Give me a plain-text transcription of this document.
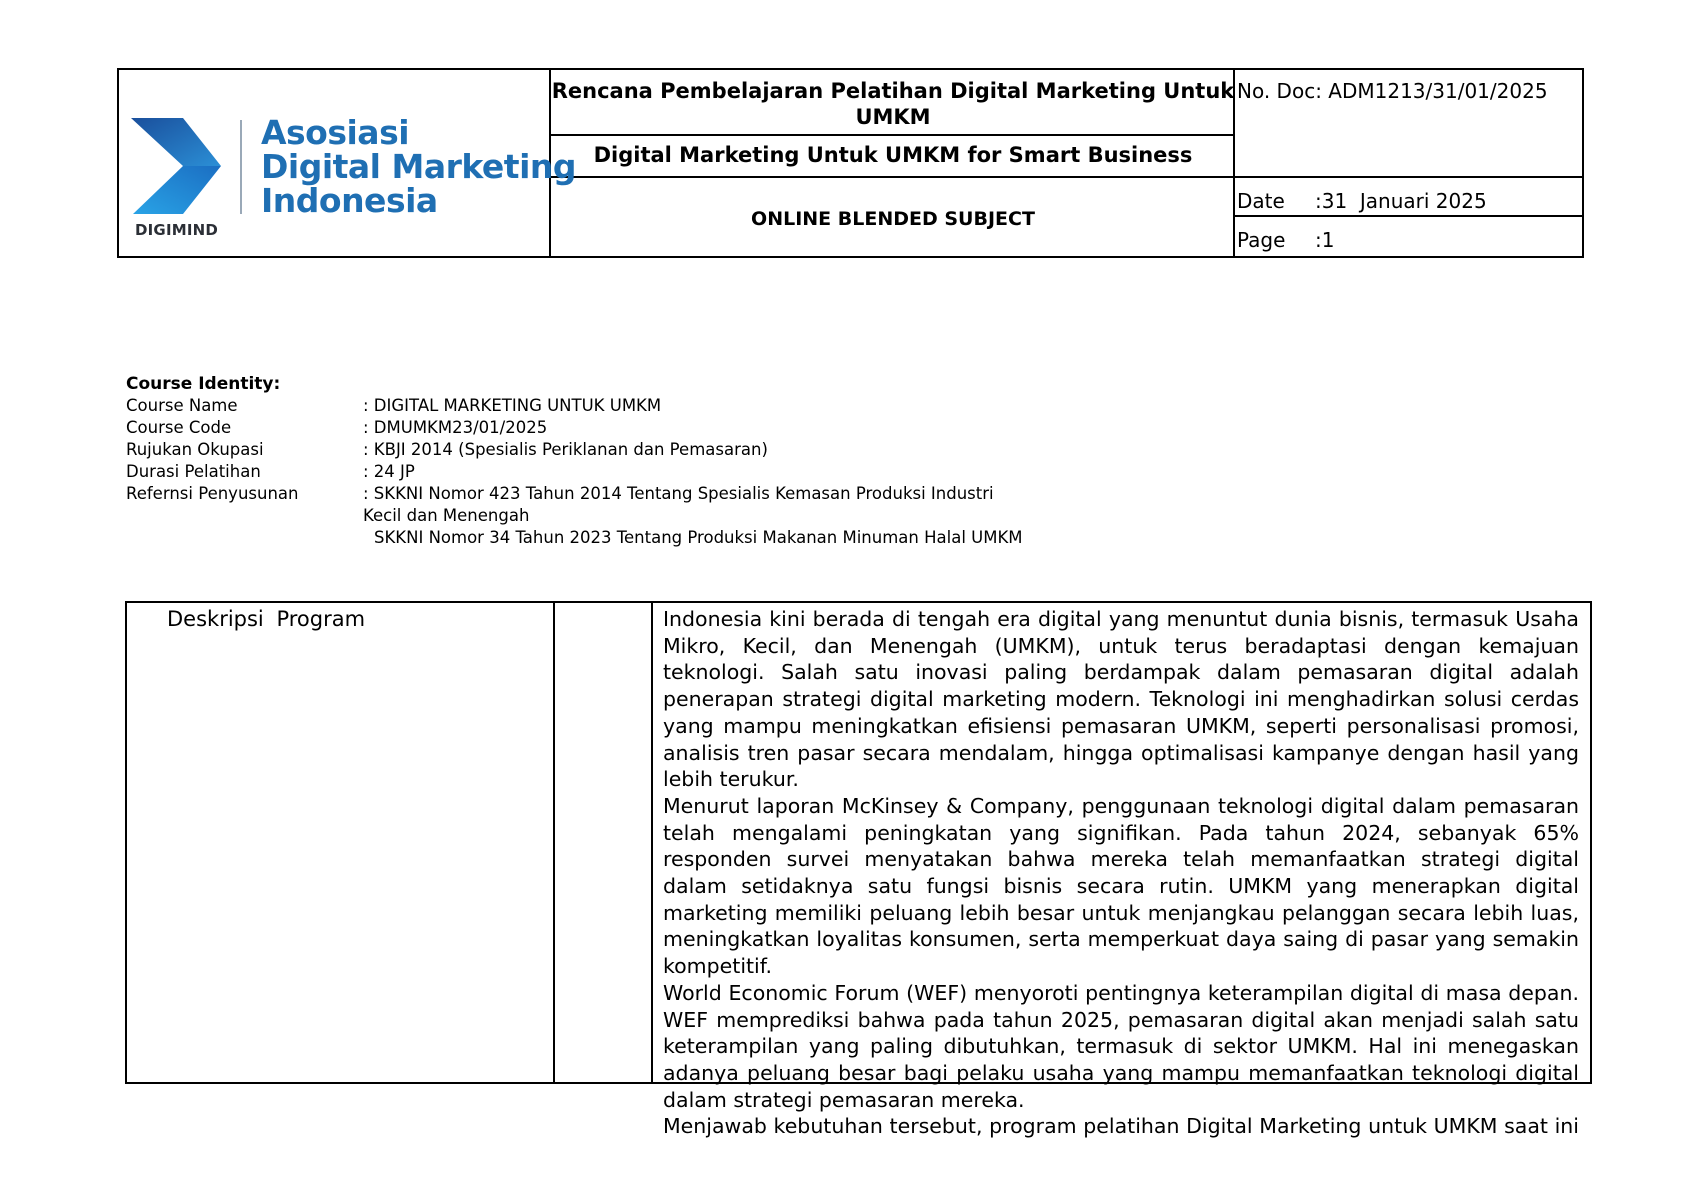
Asosiasi
Digital Marketing
Indonesia
DIGIMIND
Rencana Pembelajaran Pelatihan Digital Marketing Untuk UMKM
Digital Marketing Untuk UMKM for Smart Business
ONLINE BLENDED SUBJECT
No. Doc: ADM1213/31/01/2025
Date :31  Januari 2025
Page :1
Course Identity:
Course Name	: DIGITAL MARKETING UNTUK UMKM
Course Code	: DMUMKM23/01/2025
Rujukan Okupasi	: KBJI 2014 (Spesialis Periklanan dan Pemasaran)
Durasi Pelatihan	: 24 JP
Refernsi Penyusunan	: SKKNI Nomor 423 Tahun 2014 Tentang Spesialis Kemasan Produksi Industri
Kecil dan Menengah
SKKNI Nomor 34 Tahun 2023 Tentang Produksi Makanan Minuman Halal UMKM
Deskripsi Program	Indonesia kini berada di tengah era digital yang menuntut dunia bisnis, termasuk Usaha Mikro, Kecil, dan Menengah (UMKM), untuk terus beradaptasi dengan kemajuan teknologi. Salah satu inovasi paling berdampak dalam pemasaran digital adalah penerapan strategi digital marketing modern. Teknologi ini menghadirkan solusi cerdas yang mampu meningkatkan efisiensi pemasaran UMKM, seperti personalisasi promosi, analisis tren pasar secara mendalam, hingga optimalisasi kampanye dengan hasil yang lebih terukur.

Menurut laporan McKinsey & Company, penggunaan teknologi digital dalam pemasaran telah mengalami peningkatan yang signifikan. Pada tahun 2024, sebanyak 65% responden survei menyatakan bahwa mereka telah memanfaatkan strategi digital dalam setidaknya satu fungsi bisnis secara rutin. UMKM yang menerapkan digital marketing memiliki peluang lebih besar untuk menjangkau pelanggan secara lebih luas, meningkatkan loyalitas konsumen, serta memperkuat daya saing di pasar yang semakin kompetitif.

World Economic Forum (WEF) menyoroti pentingnya keterampilan digital di masa depan. WEF memprediksi bahwa pada tahun 2025, pemasaran digital akan menjadi salah satu keterampilan yang paling dibutuhkan, termasuk di sektor UMKM. Hal ini menegaskan adanya peluang besar bagi pelaku usaha yang mampu memanfaatkan teknologi digital dalam strategi pemasaran mereka.

Menjawab kebutuhan tersebut, program pelatihan Digital Marketing untuk UMKM saat ini
